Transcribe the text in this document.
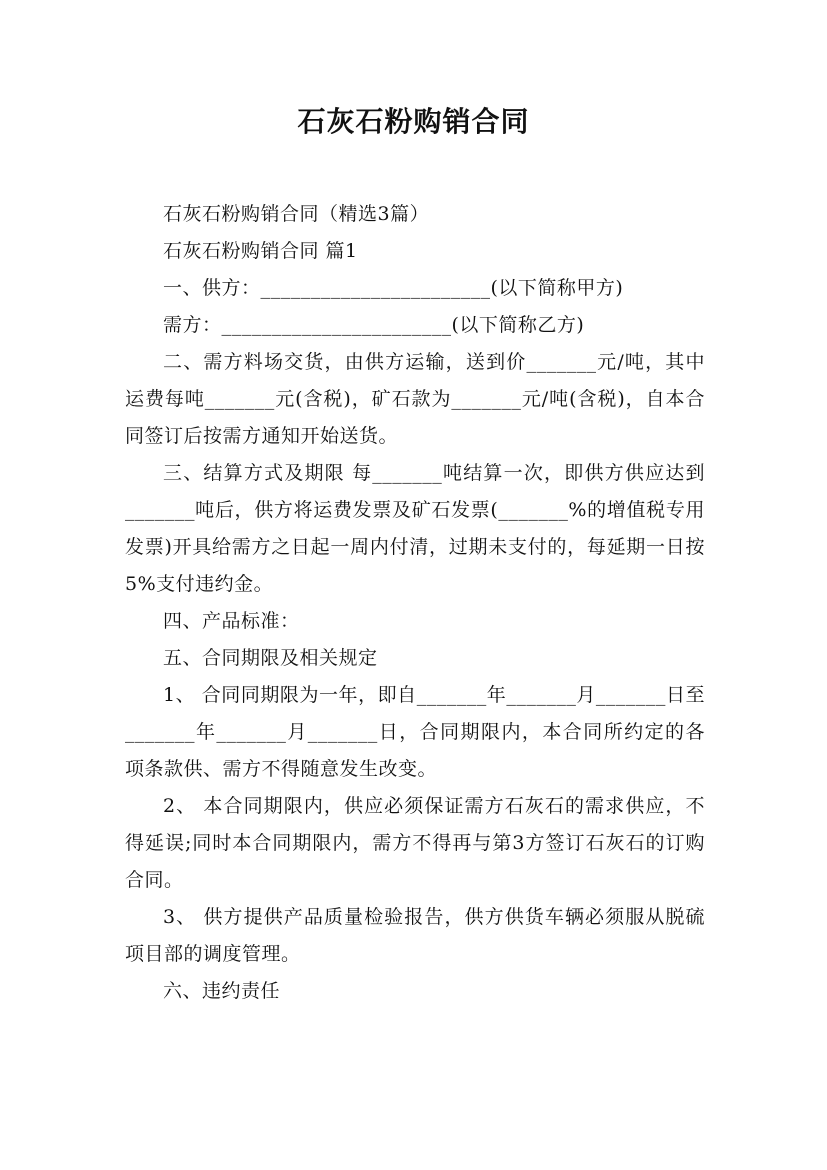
石灰石粉购销合同

石灰石粉购销合同（精选3篇）

石灰石粉购销合同 篇1

一、供方：_______________________(以下简称甲方)

需方：_______________________(以下简称乙方)

二、需方料场交货，由供方运输，送到价_______元/吨，其中运费每吨_______元(含税)，矿石款为_______元/吨(含税)，自本合同签订后按需方通知开始送货。

三、结算方式及期限 每_______吨结算一次，即供方供应达到_______吨后，供方将运费发票及矿石发票(_______%的增值税专用发票)开具给需方之日起一周内付清，过期未支付的，每延期一日按5%支付违约金。

四、产品标准：

五、合同期限及相关规定

1、 合同同期限为一年，即自_______年_______月_______日至_______年_______月_______日，合同期限内，本合同所约定的各项条款供、需方不得随意发生改变。

2、 本合同期限内，供应必须保证需方石灰石的需求供应，不得延误;同时本合同期限内，需方不得再与第3方签订石灰石的订购合同。

3、 供方提供产品质量检验报告，供方供货车辆必须服从脱硫项目部的调度管理。

六、违约责任
